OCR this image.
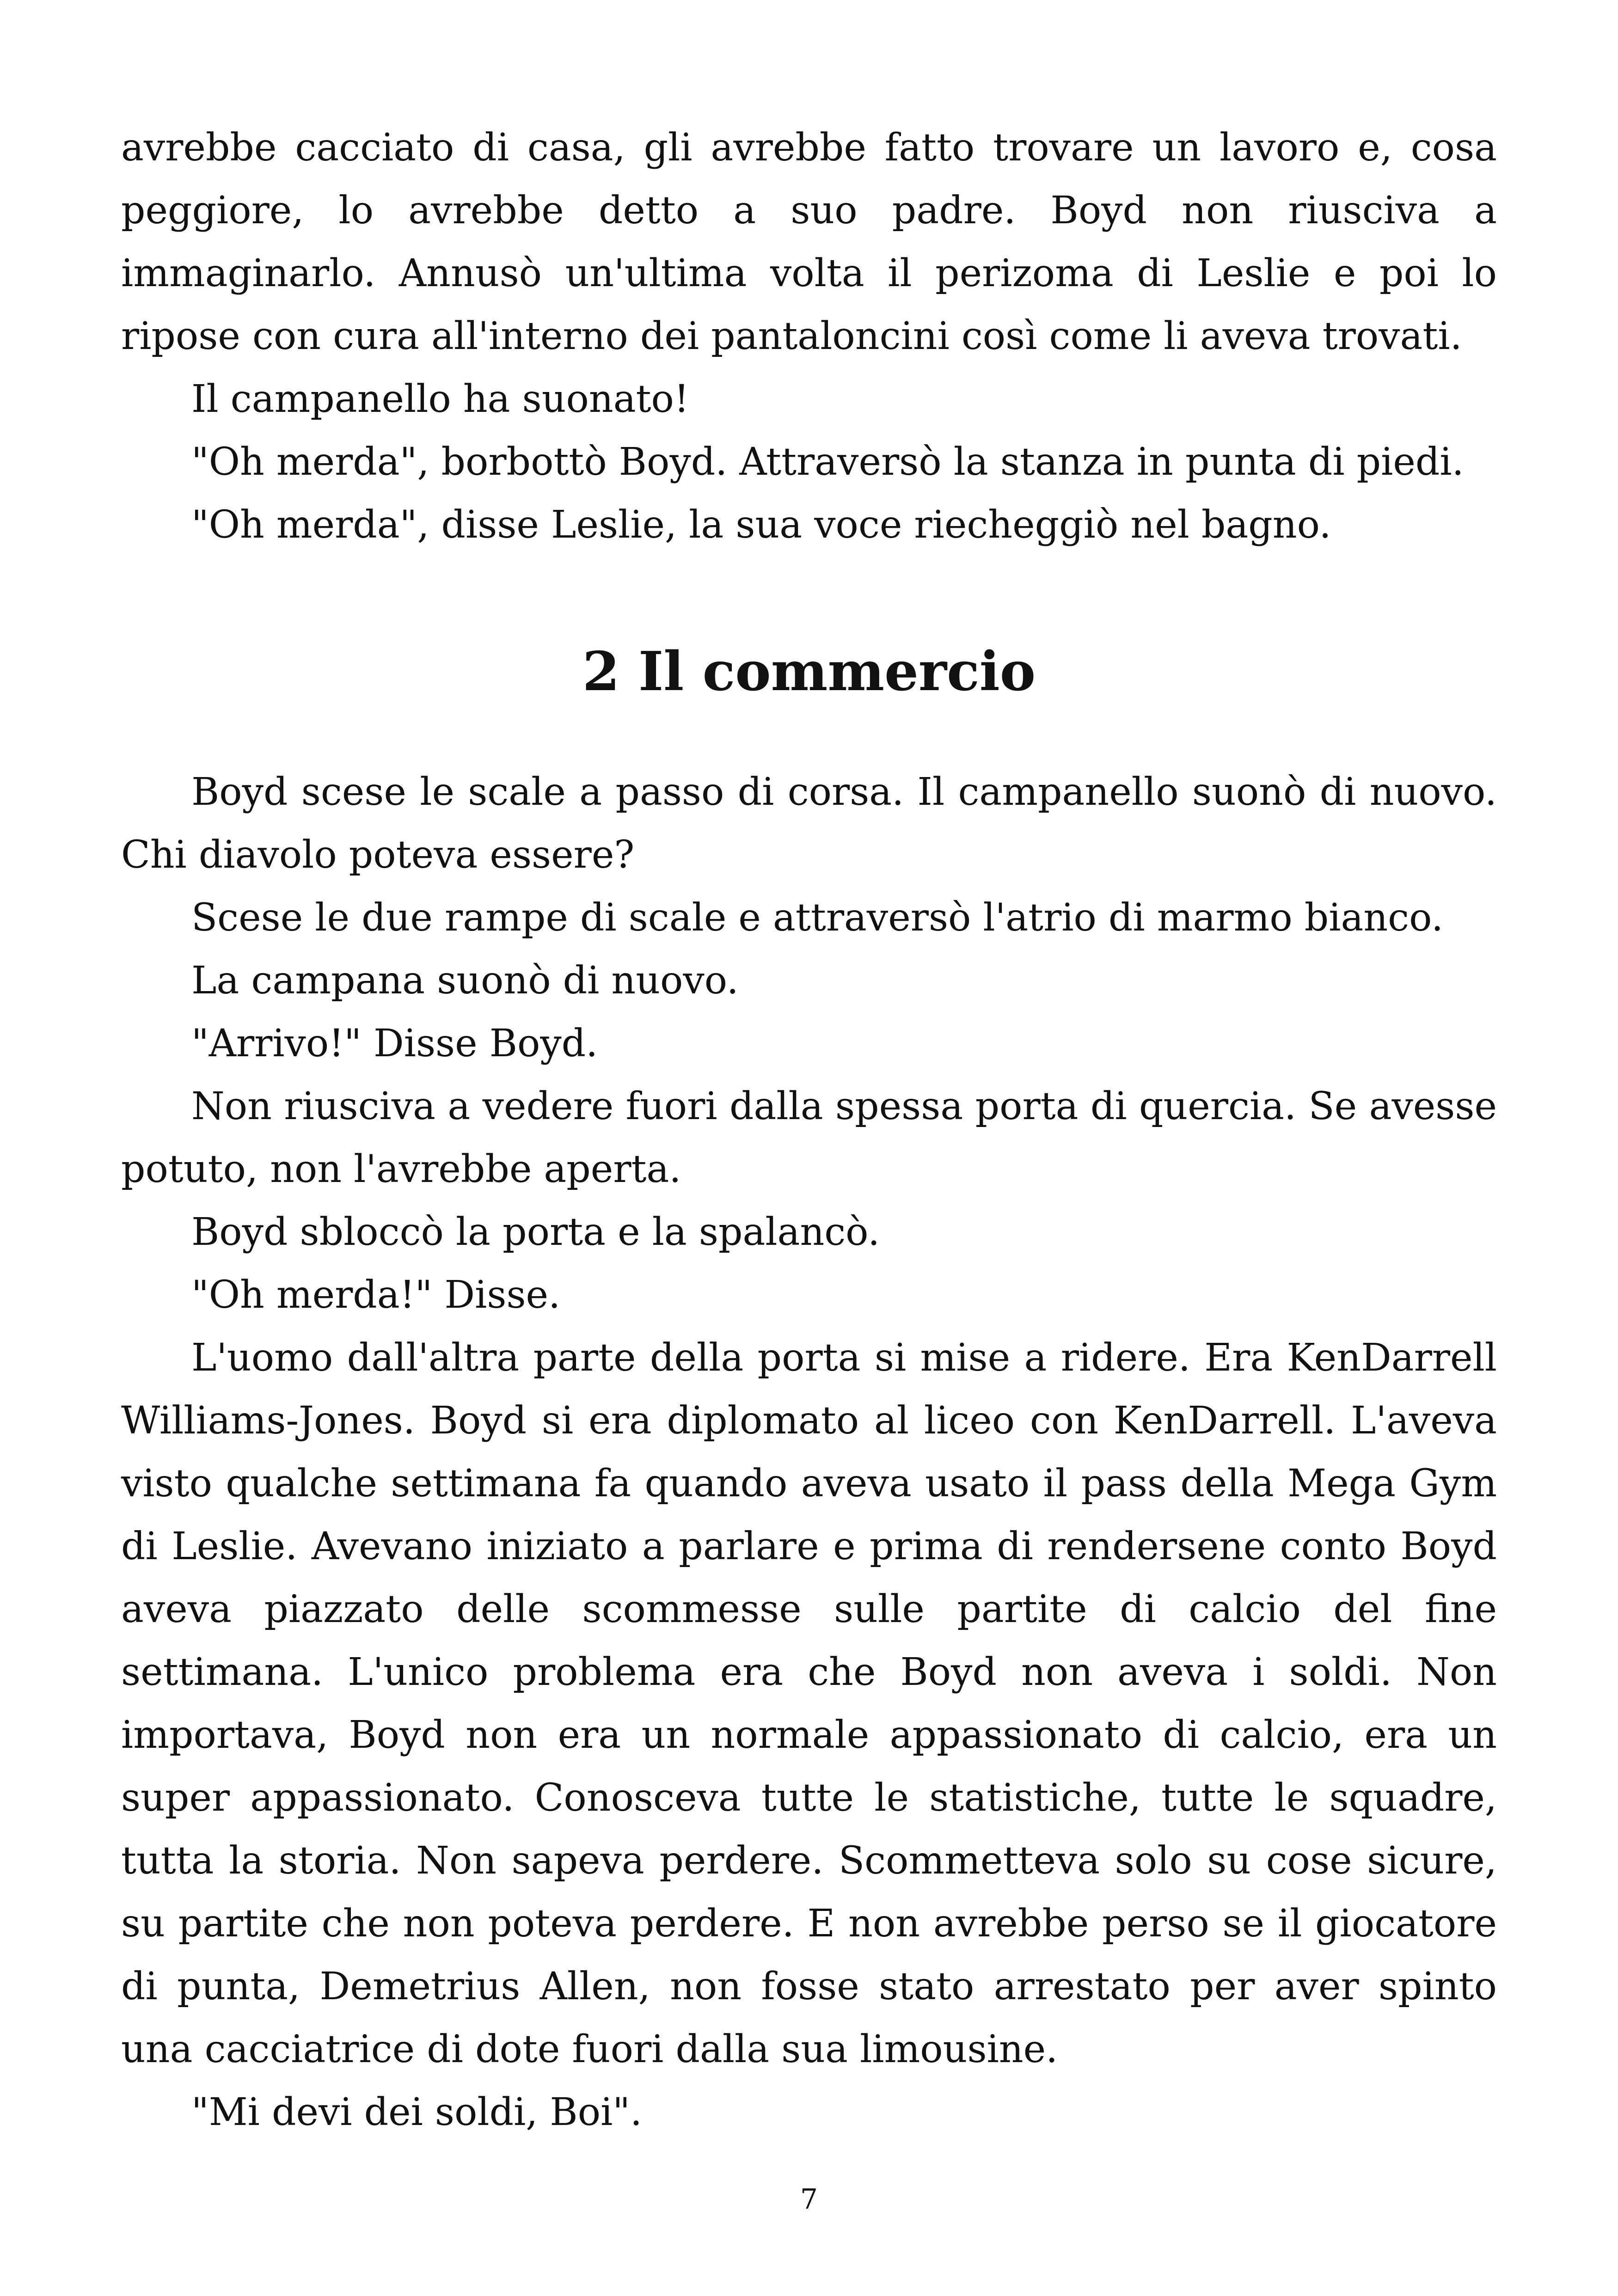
avrebbe cacciato di casa, gli avrebbe fatto trovare un lavoro e, cosa peggiore, lo avrebbe detto a suo padre. Boyd non riusciva a immaginarlo. Annusò un'ultima volta il perizoma di Leslie e poi lo ripose con cura all'interno dei pantaloncini così come li aveva trovati.

Il campanello ha suonato!

"Oh merda", borbottò Boyd. Attraversò la stanza in punta di piedi.

"Oh merda", disse Leslie, la sua voce riecheggiò nel bagno.

2 Il commercio

Boyd scese le scale a passo di corsa. Il campanello suonò di nuovo. Chi diavolo poteva essere?

Scese le due rampe di scale e attraversò l'atrio di marmo bianco.

La campana suonò di nuovo.

"Arrivo!" Disse Boyd.

Non riusciva a vedere fuori dalla spessa porta di quercia. Se avesse potuto, non l'avrebbe aperta.

Boyd sbloccò la porta e la spalancò.

"Oh merda!" Disse.

L'uomo dall'altra parte della porta si mise a ridere. Era KenDarrell Williams-Jones. Boyd si era diplomato al liceo con KenDarrell. L'aveva visto qualche settimana fa quando aveva usato il pass della Mega Gym di Leslie. Avevano iniziato a parlare e prima di rendersene conto Boyd aveva piazzato delle scommesse sulle partite di calcio del fine settimana. L'unico problema era che Boyd non aveva i soldi. Non importava, Boyd non era un normale appassionato di calcio, era un super appassionato. Conosceva tutte le statistiche, tutte le squadre, tutta la storia. Non sapeva perdere. Scommetteva solo su cose sicure, su partite che non poteva perdere. E non avrebbe perso se il giocatore di punta, Demetrius Allen, non fosse stato arrestato per aver spinto una cacciatrice di dote fuori dalla sua limousine.

"Mi devi dei soldi, Boi".

7
